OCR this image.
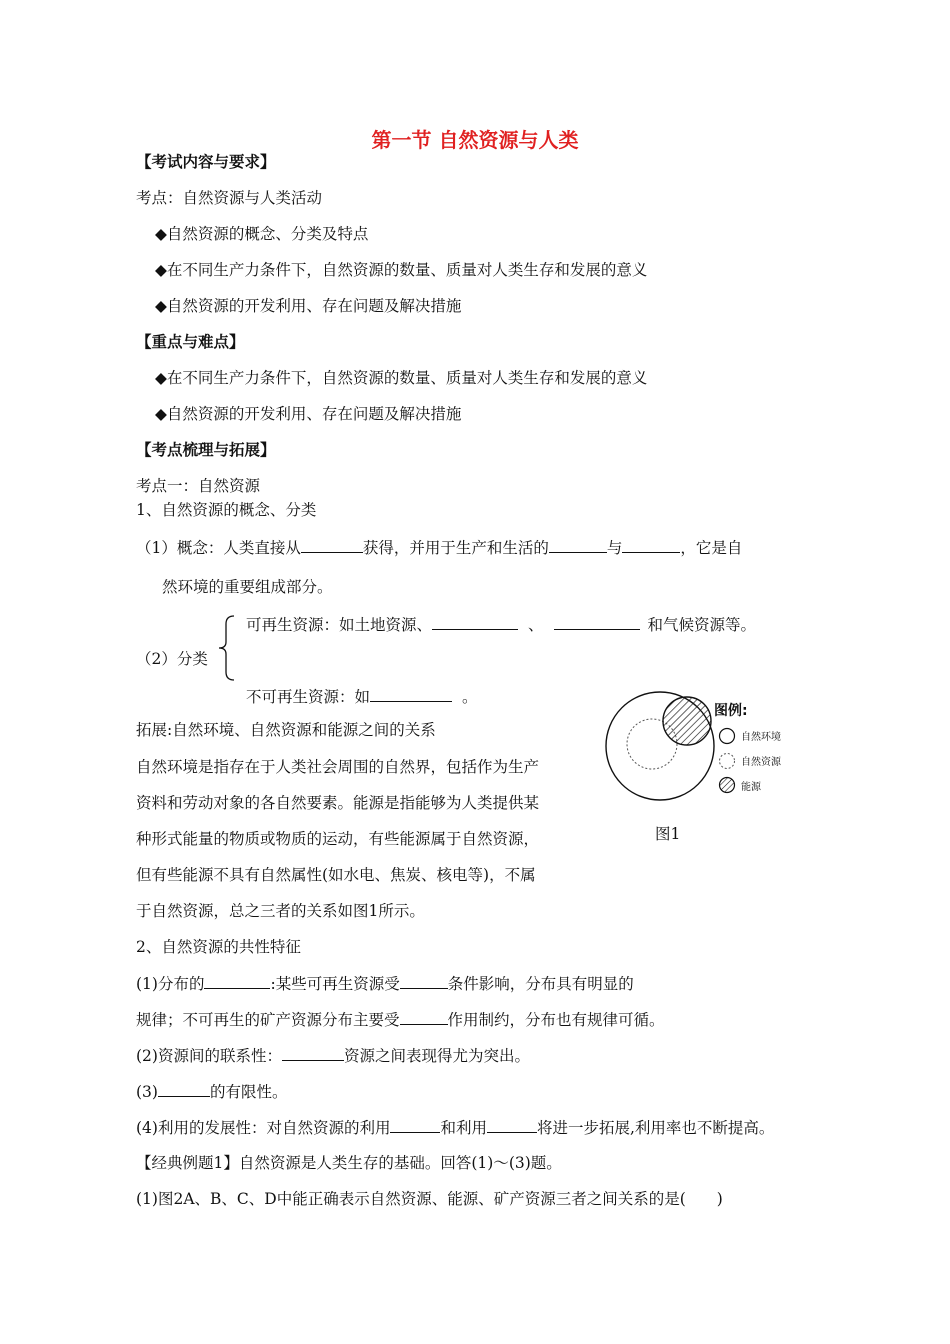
第一节 自然资源与人类
【考试内容与要求】
考点：自然资源与人类活动
◆自然资源的概念、分类及特点
◆在不同生产力条件下，自然资源的数量、质量对人类生存和发展的意义
◆自然资源的开发利用、存在问题及解决措施
【重点与难点】
◆在不同生产力条件下，自然资源的数量、质量对人类生存和发展的意义
◆自然资源的开发利用、存在问题及解决措施
【考点梳理与拓展】
考点一：自然资源
1、自然资源的概念、分类
（1）概念：人类直接从	获得，并用于生产和生活的	与	，它是自
然环境的重要组成部分。
可再生资源：如土地资源、	、	和气候资源等。
（2）分类
不可再生资源：如	。
拓展:自然环境、自然资源和能源之间的关系
自然环境是指存在于人类社会周围的自然界，包括作为生产
资料和劳动对象的各自然要素。能源是指能够为人类提供某
种形式能量的物质或物质的运动，有些能源属于自然资源，
但有些能源不具有自然属性(如水电、焦炭、核电等)，不属
于自然资源，总之三者的关系如图1所示。
图例:
自然环境
自然资源
能源
图1
2、自然资源的共性特征
(1)分布的	:某些可再生资源受	条件影响，分布具有明显的
规律；不可再生的矿产资源分布主要受	作用制约，分布也有规律可循。
(2)资源间的联系性：	资源之间表现得尤为突出。
(3)	的有限性。
(4)利用的发展性：对自然资源的利用	和利用	将进一步拓展,利用率也不断提高。
【经典例题1】自然资源是人类生存的基础。回答(1)～(3)题。
(1)图2A、B、C、D中能正确表示自然资源、能源、矿产资源三者之间关系的是(　　)
